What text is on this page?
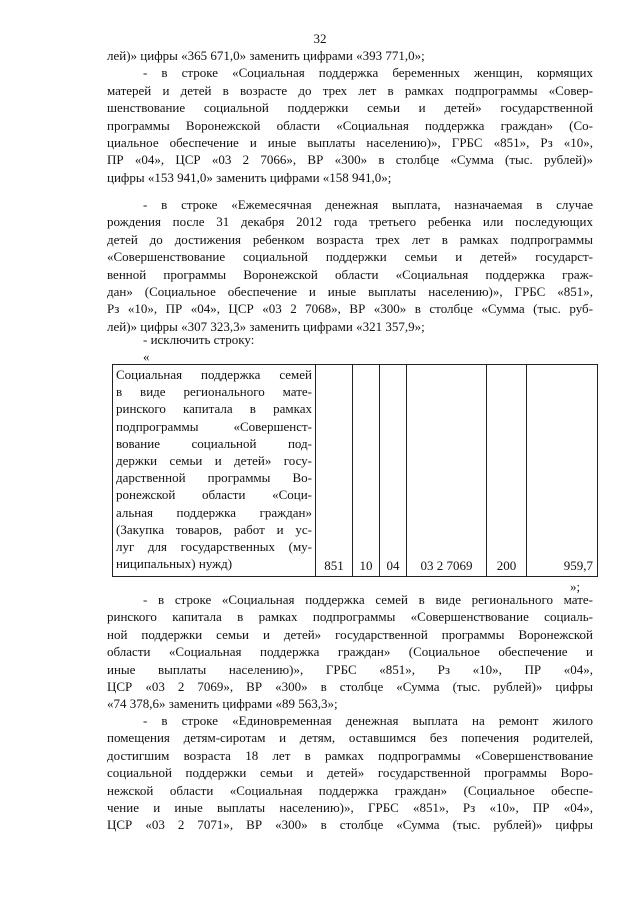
32
лей)» цифры «365 671,0» заменить цифрами «393 771,0»;
- в строке «Социальная поддержка беременных женщин, кормящих
матерей и детей в возрасте до трех лет в рамках подпрограммы «Совер-
шенствование социальной поддержки семьи и детей» государственной
программы Воронежской области «Социальная поддержка граждан» (Со-
циальное обеспечение и иные выплаты населению)», ГРБС «851», Рз «10»,
ПР «04», ЦСР «03 2 7066», ВР «300» в столбце «Сумма (тыс. рублей)»
цифры «153 941,0» заменить цифрами «158 941,0»;
- в строке «Ежемесячная денежная выплата, назначаемая в случае
рождения после 31 декабря 2012 года третьего ребенка или последующих
детей до достижения ребенком возраста трех лет в рамках подпрограммы
«Совершенствование социальной поддержки семьи и детей» государст-
венной программы Воронежской области «Социальная поддержка граж-
дан» (Социальное обеспечение и иные выплаты населению)», ГРБС «851»,
Рз «10», ПР «04», ЦСР «03 2 7068», ВР «300» в столбце «Сумма (тыс. руб-
лей)» цифры «307 323,3» заменить цифрами «321 357,9»;
- исключить строку:
«
Социальная поддержка семей
в виде регионального мате-
ринского капитала в рамках
подпрограммы «Совершенст-
вование социальной под-
держки семьи и детей» госу-
дарственной программы Во-
ронежской области «Соци-
альная поддержка граждан»
(Закупка товаров, работ и ус-
луг для государственных (му-
ниципальных) нужд)	851	10	04	03 2 7069	200	959,7
»;
- в строке «Социальная поддержка семей в виде регионального мате-
ринского капитала в рамках подпрограммы «Совершенствование социаль-
ной поддержки семьи и детей» государственной программы Воронежской
области «Социальная поддержка граждан» (Социальное обеспечение и
иные выплаты населению)», ГРБС «851», Рз «10», ПР «04»,
ЦСР «03 2 7069», ВР «300» в столбце «Сумма (тыс. рублей)» цифры
«74 378,6» заменить цифрами «89 563,3»;
- в строке «Единовременная денежная выплата на ремонт жилого
помещения детям-сиротам и детям, оставшимся без попечения родителей,
достигшим возраста 18 лет в рамках подпрограммы «Совершенствование
социальной поддержки семьи и детей» государственной программы Воро-
нежской области «Социальная поддержка граждан» (Социальное обеспе-
чение и иные выплаты населению)», ГРБС «851», Рз «10», ПР «04»,
ЦСР «03 2 7071», ВР «300» в столбце «Сумма (тыс. рублей)» цифры
